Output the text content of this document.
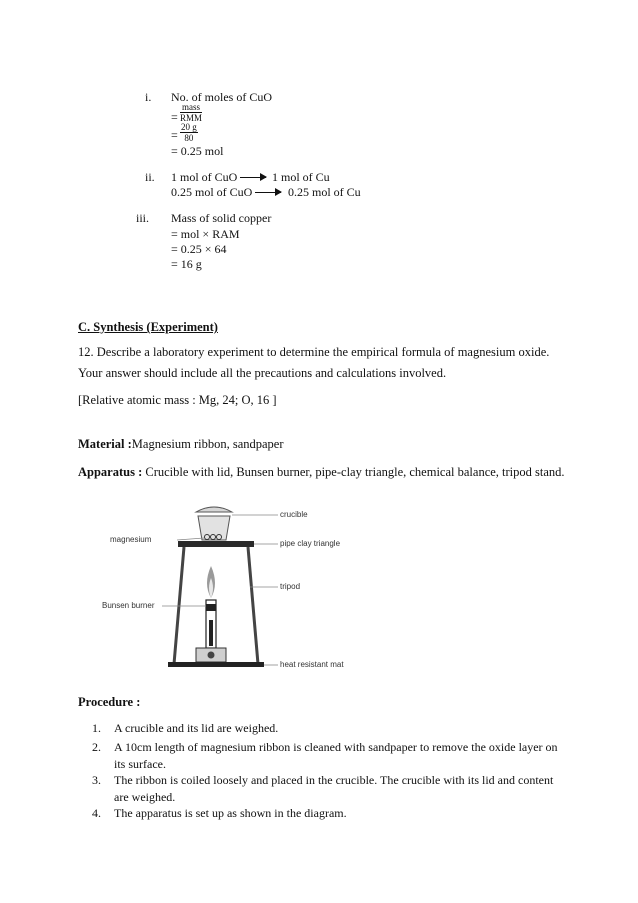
i. No. of moles of CuO
=
mass
RMM
= $\frac{20 g}{80}$
= 0.25 mol
ii. 1 mol of CuO	1 mol of Cu
0.25 mol of CuO	0.25 mol of Cu
iii. Mass of solid copper
= mol × RAM
= 0.25 × 64
= 16 g
C. Synthesis (Experiment)
12. Describe a laboratory experiment to determine the empirical formula of magnesium oxide. Your answer should include all the precautions and calculations involved.
[Relative atomic mass : Mg, 24; O, 16 ]
Material :Magnesium ribbon, sandpaper
Apparatus : Crucible with lid, Bunsen burner, pipe-clay triangle, chemical balance, tripod stand.
crucible
magnesium	pipe clay triangle
tripod
Bunsen burner
heat resistant mat
Procedure :
1. A crucible and its lid are weighed.
2. A 10cm length of magnesium ribbon is cleaned with sandpaper to remove the oxide layer on its surface.
3. The ribbon is coiled loosely and placed in the crucible. The crucible with its lid and content are weighed.
4. The apparatus is set up as shown in the diagram.
